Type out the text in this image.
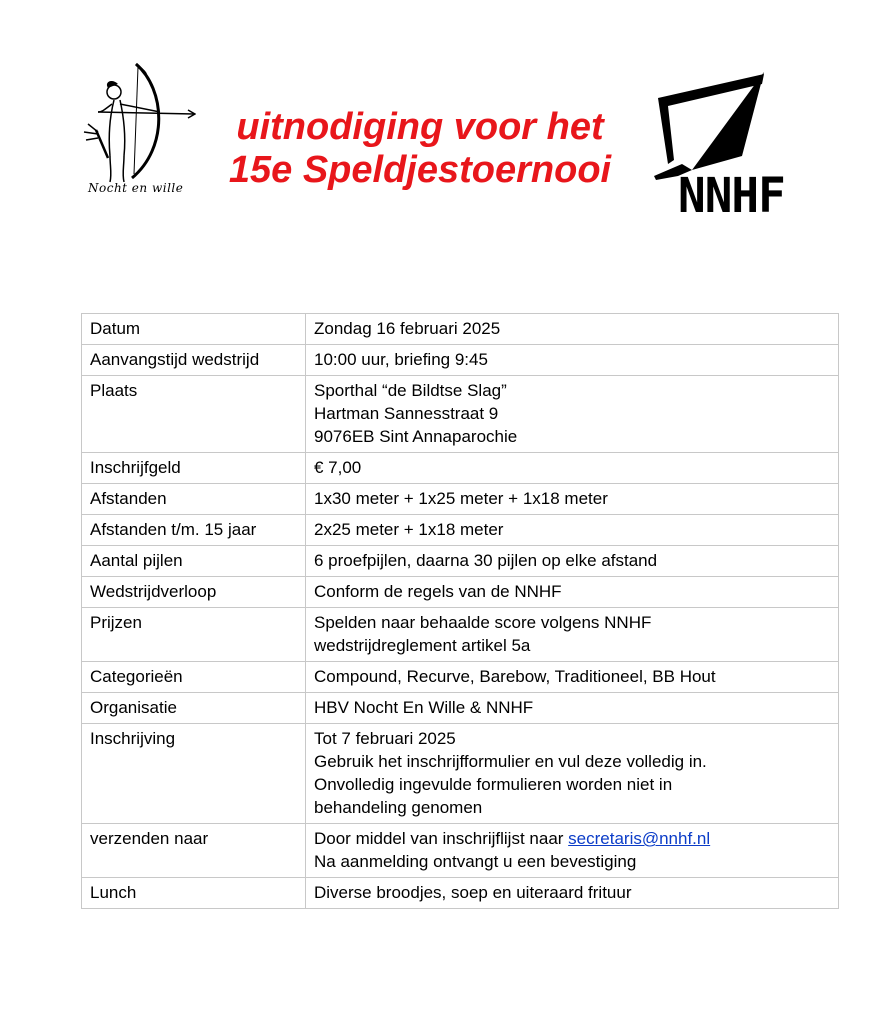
Nocht en wille
uitnodiging voor het
15e Speldjestoernooi	NNHF
Datum	Zondag 16 februari 2025

Aanvangstijd wedstrijd	10:00 uur, briefing 9:45

Plaats	Sporthal “de Bildtse Slag”
Hartman Sannesstraat 9
9076EB Sint Annaparochie

Inschrijfgeld	€ 7,00

Afstanden	1x30 meter + 1x25 meter + 1x18 meter

Afstanden t/m. 15 jaar	2x25 meter + 1x18 meter

Aantal pijlen	6 proefpijlen, daarna 30 pijlen op elke afstand

Wedstrijdverloop	Conform de regels van de NNHF

Prijzen	Spelden naar behaalde score volgens NNHF
wedstrijdreglement artikel 5a

Categorieën	Compound, Recurve, Barebow, Traditioneel, BB Hout

Organisatie	HBV Nocht En Wille & NNHF

Inschrijving	Tot 7 februari 2025
Gebruik het inschrijfformulier en vul deze volledig in.
Onvolledig ingevulde formulieren worden niet in
behandeling genomen

verzenden naar	Door middel van inschrijflijst naar secretaris@nnhf.nl
Na aanmelding ontvangt u een bevestiging

Lunch	Diverse broodjes, soep en uiteraard frituur
